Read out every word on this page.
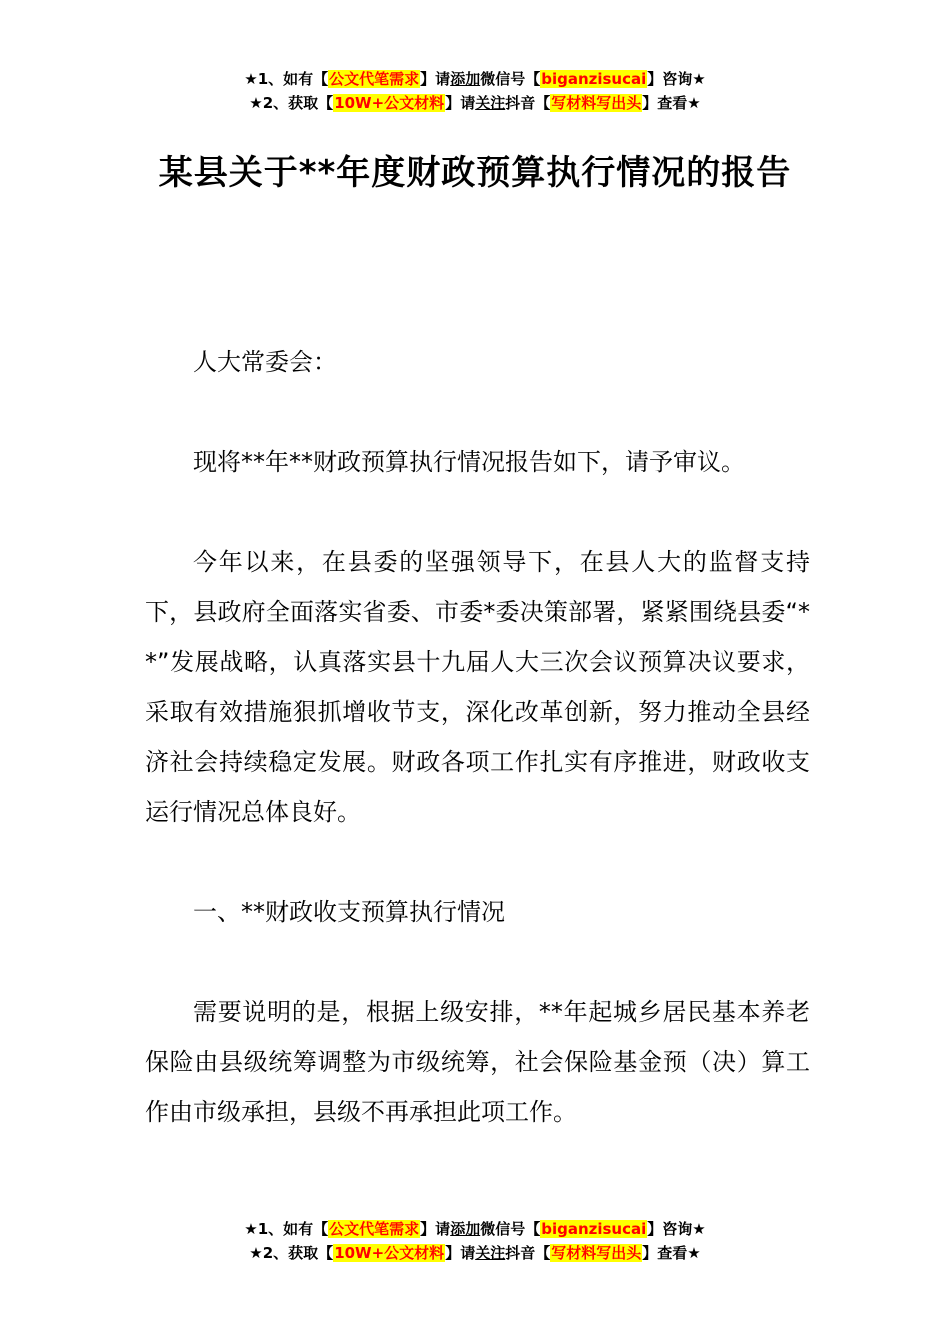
★1、如有【公文代笔需求】请添加微信号【biganzisucai】咨询★
★2、获取【10W+公文材料】请关注抖音【写材料写出头】查看★
某县关于**年度财政预算执行情况的报告

人大常委会：

现将**年**财政预算执行情况报告如下，请予审议。

今年以来，在县委的坚强领导下，在县人大的监督支持下，县政府全面落实省委、市委*委决策部署，紧紧围绕县委“**”发展战略，认真落实县十九届人大三次会议预算决议要求，采取有效措施狠抓增收节支，深化改革创新，努力推动全县经济社会持续稳定发展。财政各项工作扎实有序推进，财政收支运行情况总体良好。

一、**财政收支预算执行情况

需要说明的是，根据上级安排，**年起城乡居民基本养老保险由县级统筹调整为市级统筹，社会保险基金预（决）算工作由市级承担，县级不再承担此项工作。

★1、如有【公文代笔需求】请添加微信号【biganzisucai】咨询★
★2、获取【10W+公文材料】请关注抖音【写材料写出头】查看★
